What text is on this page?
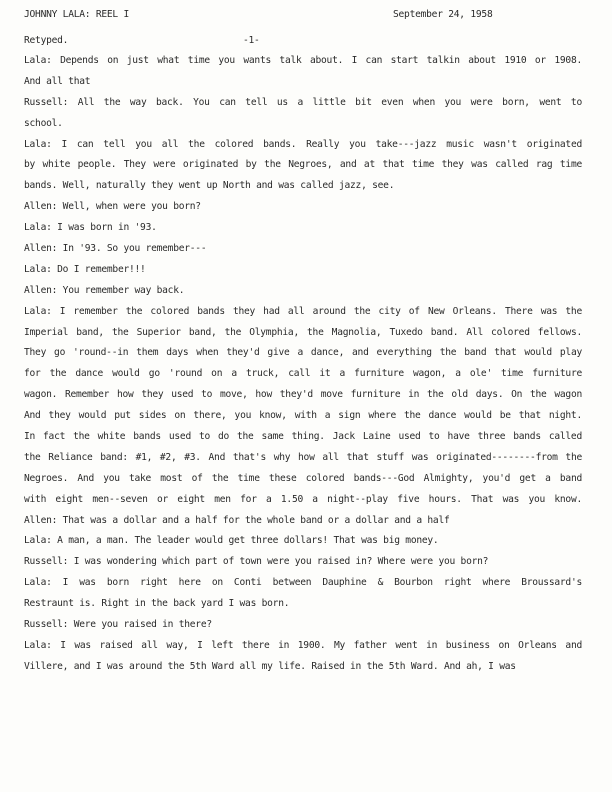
JOHNNY LALA: REEL I	September 24, 1958
Retyped.	-1-
Lala: Depends on just what time you wants talk about. I can start talkin about 1910 or 1908.
And all that
Russell: All the way back. You can tell us a little bit even when you were born, went to
school.
Lala: I can tell you all the colored bands. Really you take---jazz music wasn't originated
by white people. They were originated by the Negroes, and at that time they was called rag time
bands. Well, naturally they went up North and was called jazz, see.
Allen: Well, when were you born?
Lala: I was born in '93.
Allen: In '93. So you remember---
Lala: Do I remember!!!
Allen: You remember way back.
Lala: I remember the colored bands they had all around the city of New Orleans. There was the
Imperial band, the Superior band, the Olymphia, the Magnolia, Tuxedo band. All colored fellows.
They go 'round--in them days when they'd give a dance, and everything the band that would play
for the dance would go 'round on a truck, call it a furniture wagon, a ole' time furniture
wagon. Remember how they used to move, how they'd move furniture in the old days. On the wagon
And they would put sides on there, you know, with a sign where the dance would be that night.
In fact the white bands used to do the same thing. Jack Laine used to have three bands called
the Reliance band: #1, #2, #3. And that's why how all that stuff was originated--------from the
Negroes. And you take most of the time these colored bands---God Almighty, you'd get a band
with eight men--seven or eight men for a 1.50 a night--play five hours. That was you know.
Allen: That was a dollar and a half for the whole band or a dollar and a half
Lala: A man, a man. The leader would get three dollars! That was big money.
Russell: I was wondering which part of town were you raised in? Where were you born?
Lala: I was born right here on Conti between Dauphine & Bourbon right where Broussard's
Restraunt is. Right in the back yard I was born.
Russell: Were you raised in there?
Lala: I was raised all way, I left there in 1900. My father went in business on Orleans and
Villere, and I was around the 5th Ward all my life. Raised in the 5th Ward. And ah, I was
